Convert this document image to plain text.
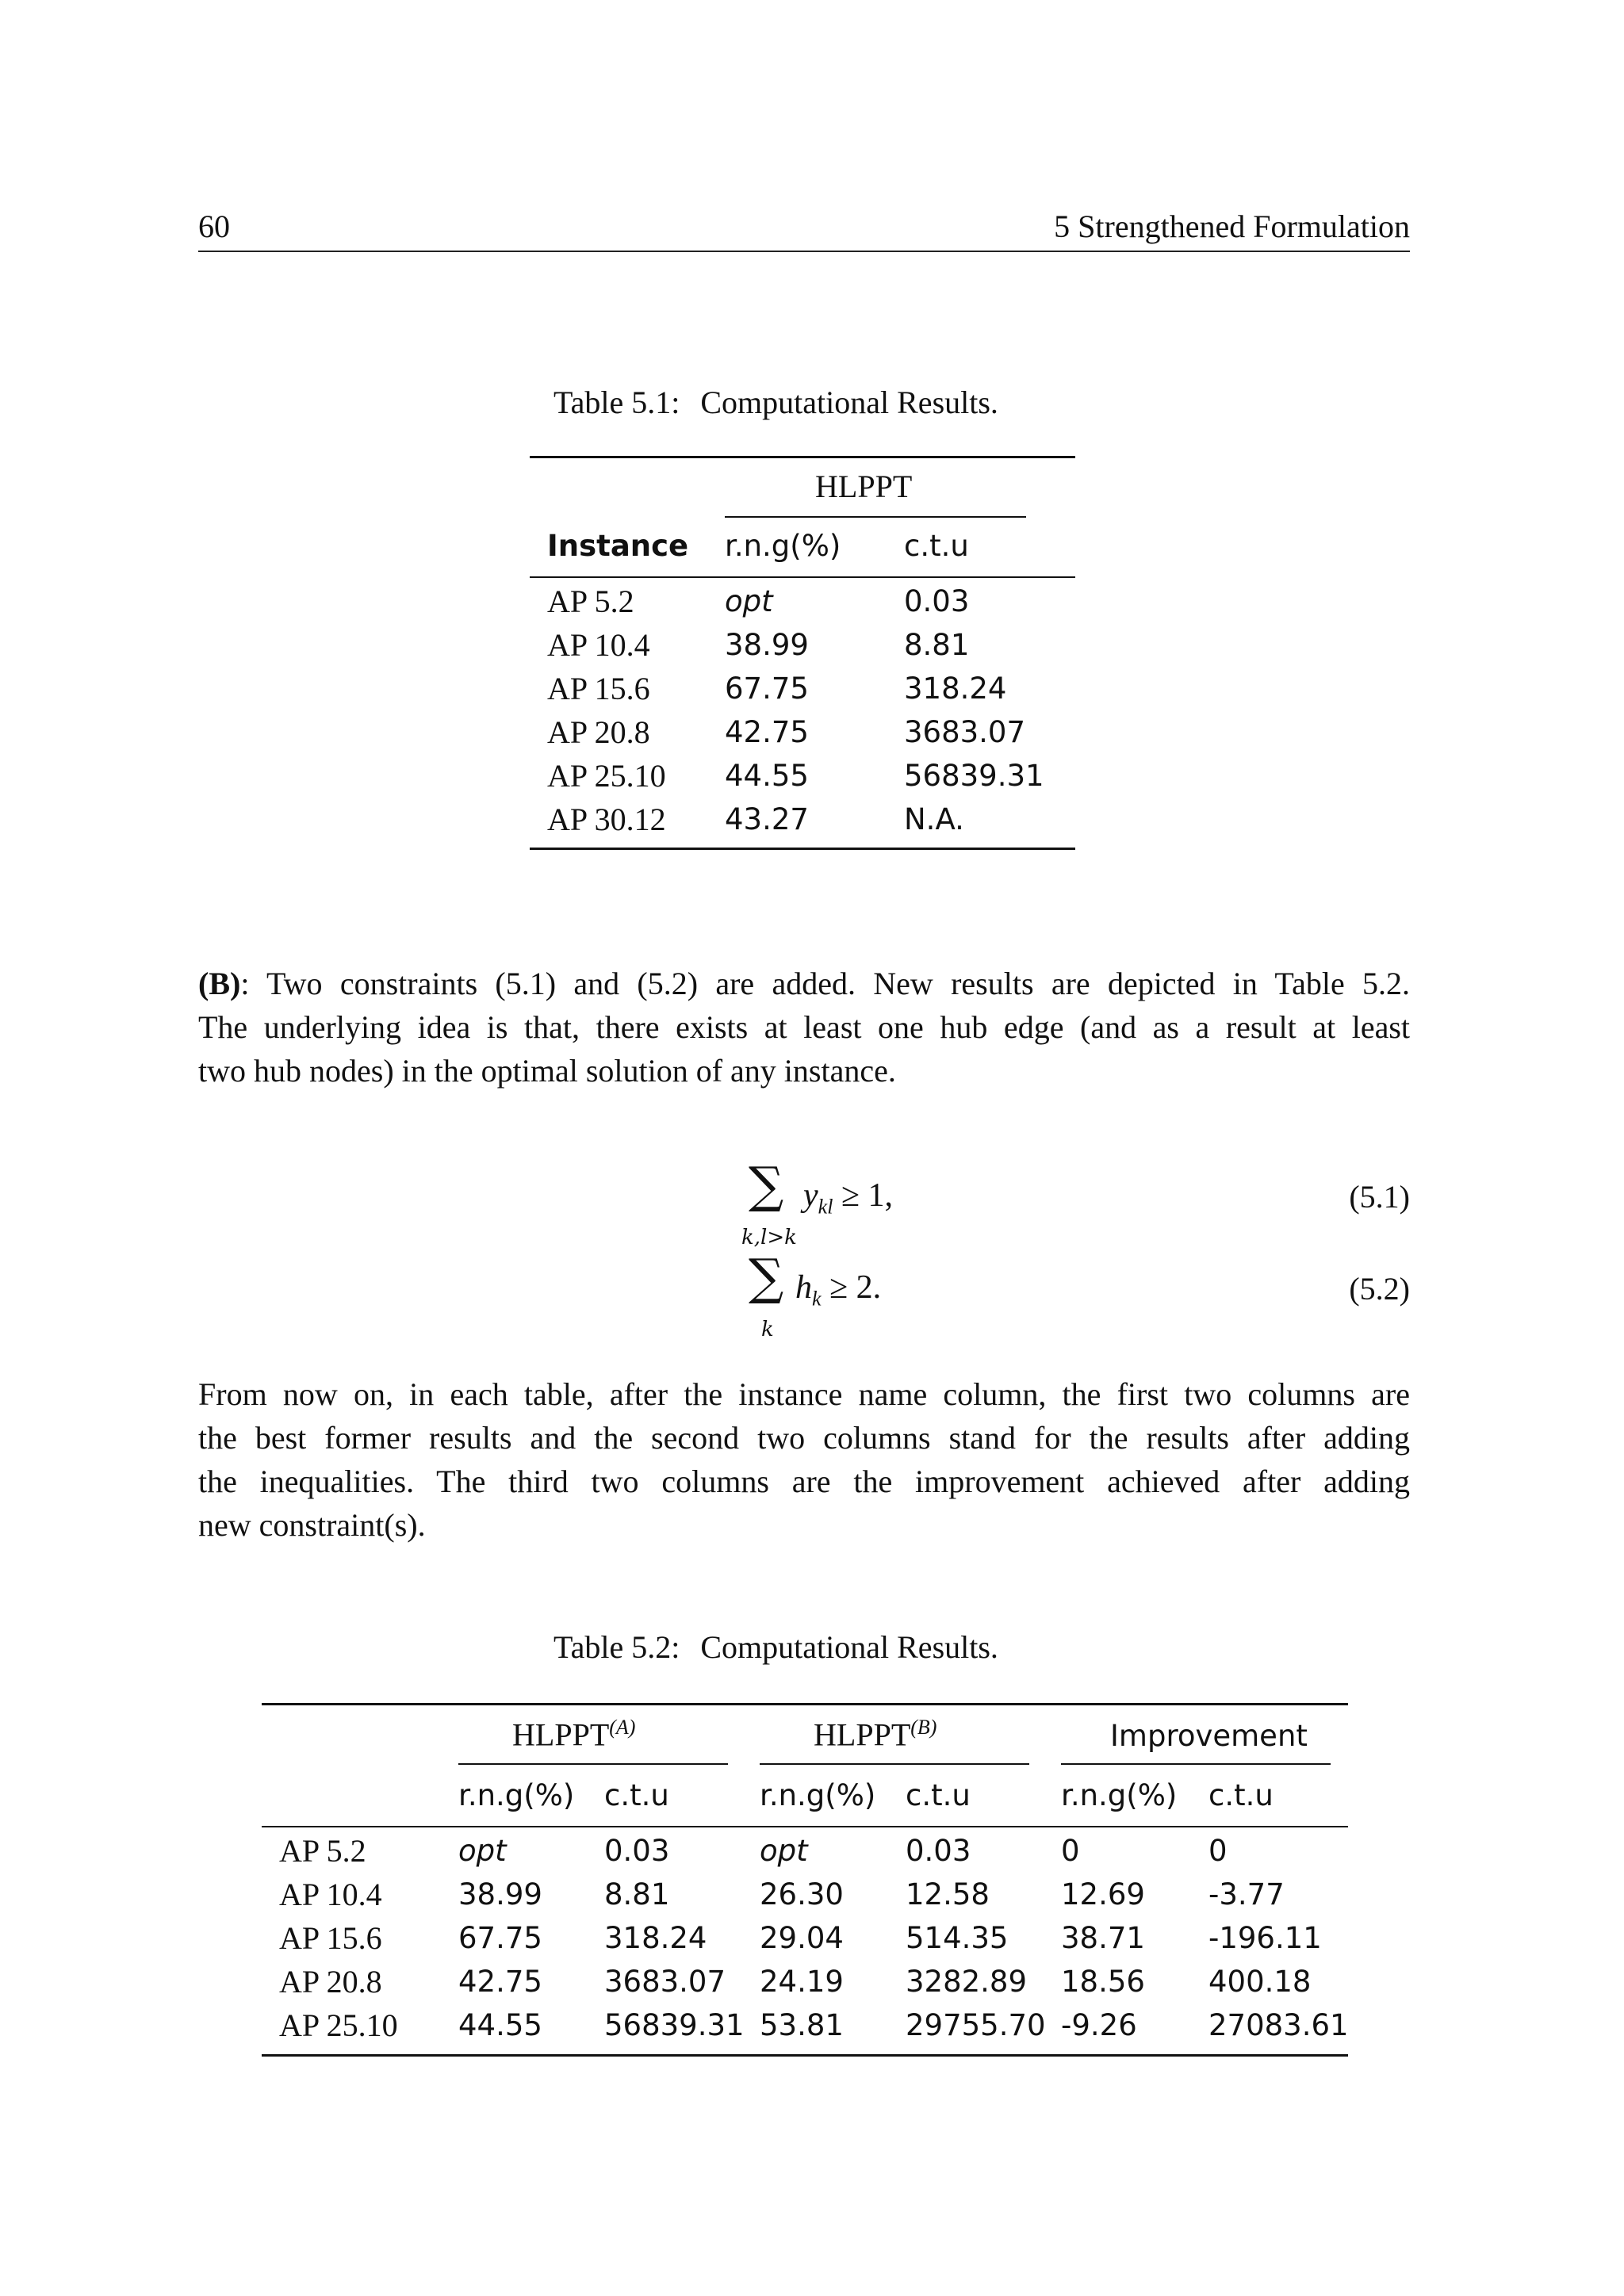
60	5 Strengthened Formulation
Table 5.1: Computational Results.
HLPPT
Instance r.n.g(%) c.t.u
AP 5.2	opt	0.03
AP 10.4	38.99	8.81
AP 15.6	67.75	318.24
AP 20.8	42.75	3683.07
AP 25.10 44.55	56839.31
AP 30.12 43.27	N.A.
(B): Two constraints (5.1) and (5.2) are added. New results are depicted in Table 5.2.
The underlying idea is that, there exists at least one hub edge (and as a result at least
two hub nodes) in the optimal solution of any instance.
∑
k,l>k
$y_{kl} \ge 1$,	(5.1)
∑
k
$h_k \ge 2$.	(5.2)
From now on, in each table, after the instance name column, the first two columns are
the best former results and the second two columns stand for the results after adding
the inequalities. The third two columns are the improvement achieved after adding
new constraint(s).
Table 5.2: Computational Results.
$HLPPT^{(A)}$	$HLPPT^{(B)}$	Improvement
r.n.g(%) c.t.u	r.n.g(%) c.t.u	r.n.g(%) c.t.u
AP 5.2	opt	0.03	opt	0.03	0	0
AP 10.4	38.99 8.81	26.30 12.58 12.69 -3.77
AP 15.6	67.75 318.24 29.04 514.35 38.71 -196.11
AP 20.8	42.75 3683.07 24.19 3282.89 18.56 400.18
AP 25.10 44.55 56839.31 53.81 29755.70 -9.26 27083.61
